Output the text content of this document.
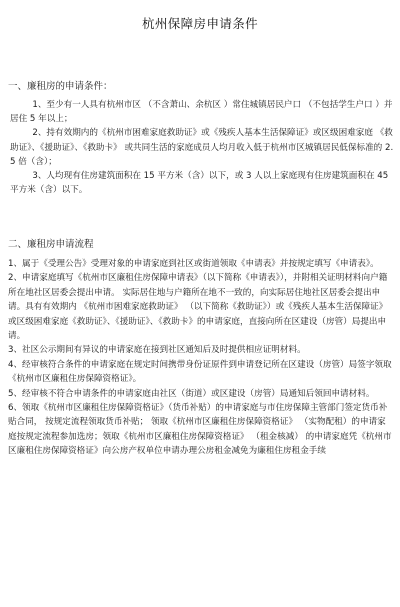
杭州保障房申请条件
一、廉租房的申请条件：

1、至少有一人具有杭州市区 （不含萧山、余杭区 ）常住城镇居民户口 （不包括学生户口 ）并居住 5 年以上；

2、持有效期内的《杭州市困难家庭救助证》或《残疾人基本生活保障证》或区级困难家庭 《救助证》、《援助证》、《救助卡》 或共同生活的家庭成员人均月收入低于杭州市区城镇居民低保标准的 2.5 倍（含）；

3、人均现有住房建筑面积在 15 平方米（含）以下，或 3 人以上家庭现有住房建筑面积在 45 平方米（含）以下。

二、廉租房申请流程

1、属于《受理公告》受理对象的申请家庭到社区或街道领取《申请表》并按规定填写《申请表》。

2、申请家庭填写《杭州市区廉租住房保障申请表》（以下简称《申请表》），并附相关证明材料向户籍所在地社区居委会提出申请。 实际居住地与户籍所在地不一致的，向实际居住地社区居委会提出申请。具有有效期内 《杭州市困难家庭救助证》 （以下简称《救助证》）或《残疾人基本生活保障证》或区级困难家庭《救助证》、《援助证》、《救助卡》的申请家庭，直接向所在区建设（房管）局提出申请。

3、社区公示期间有异议的申请家庭在接到社区通知后及时提供相应证明材料。

4、经审核符合条件的申请家庭在规定时间携带身份证原件到申请登记所在区建设（房管）局签字领取《杭州市区廉租住房保障资格证》。

5、经审核不符合申请条件的申请家庭由社区（街道）或区建设（房管）局通知后领回申请材料。

6、领取《杭州市区廉租住房保障资格证》（货币补贴）的申请家庭与市住房保障主管部门签定货币补贴合同， 按规定流程领取货币补贴； 领取《杭州市区廉租住房保障资格证》 （实物配租）的申请家庭按规定流程参加选房；领取《杭州市区廉租住房保障资格证》 （租金核减） 的申请家庭凭《杭州市区廉租住房保障资格证》向公房产权单位申请办理公房租金减免为廉租住房租金手续
